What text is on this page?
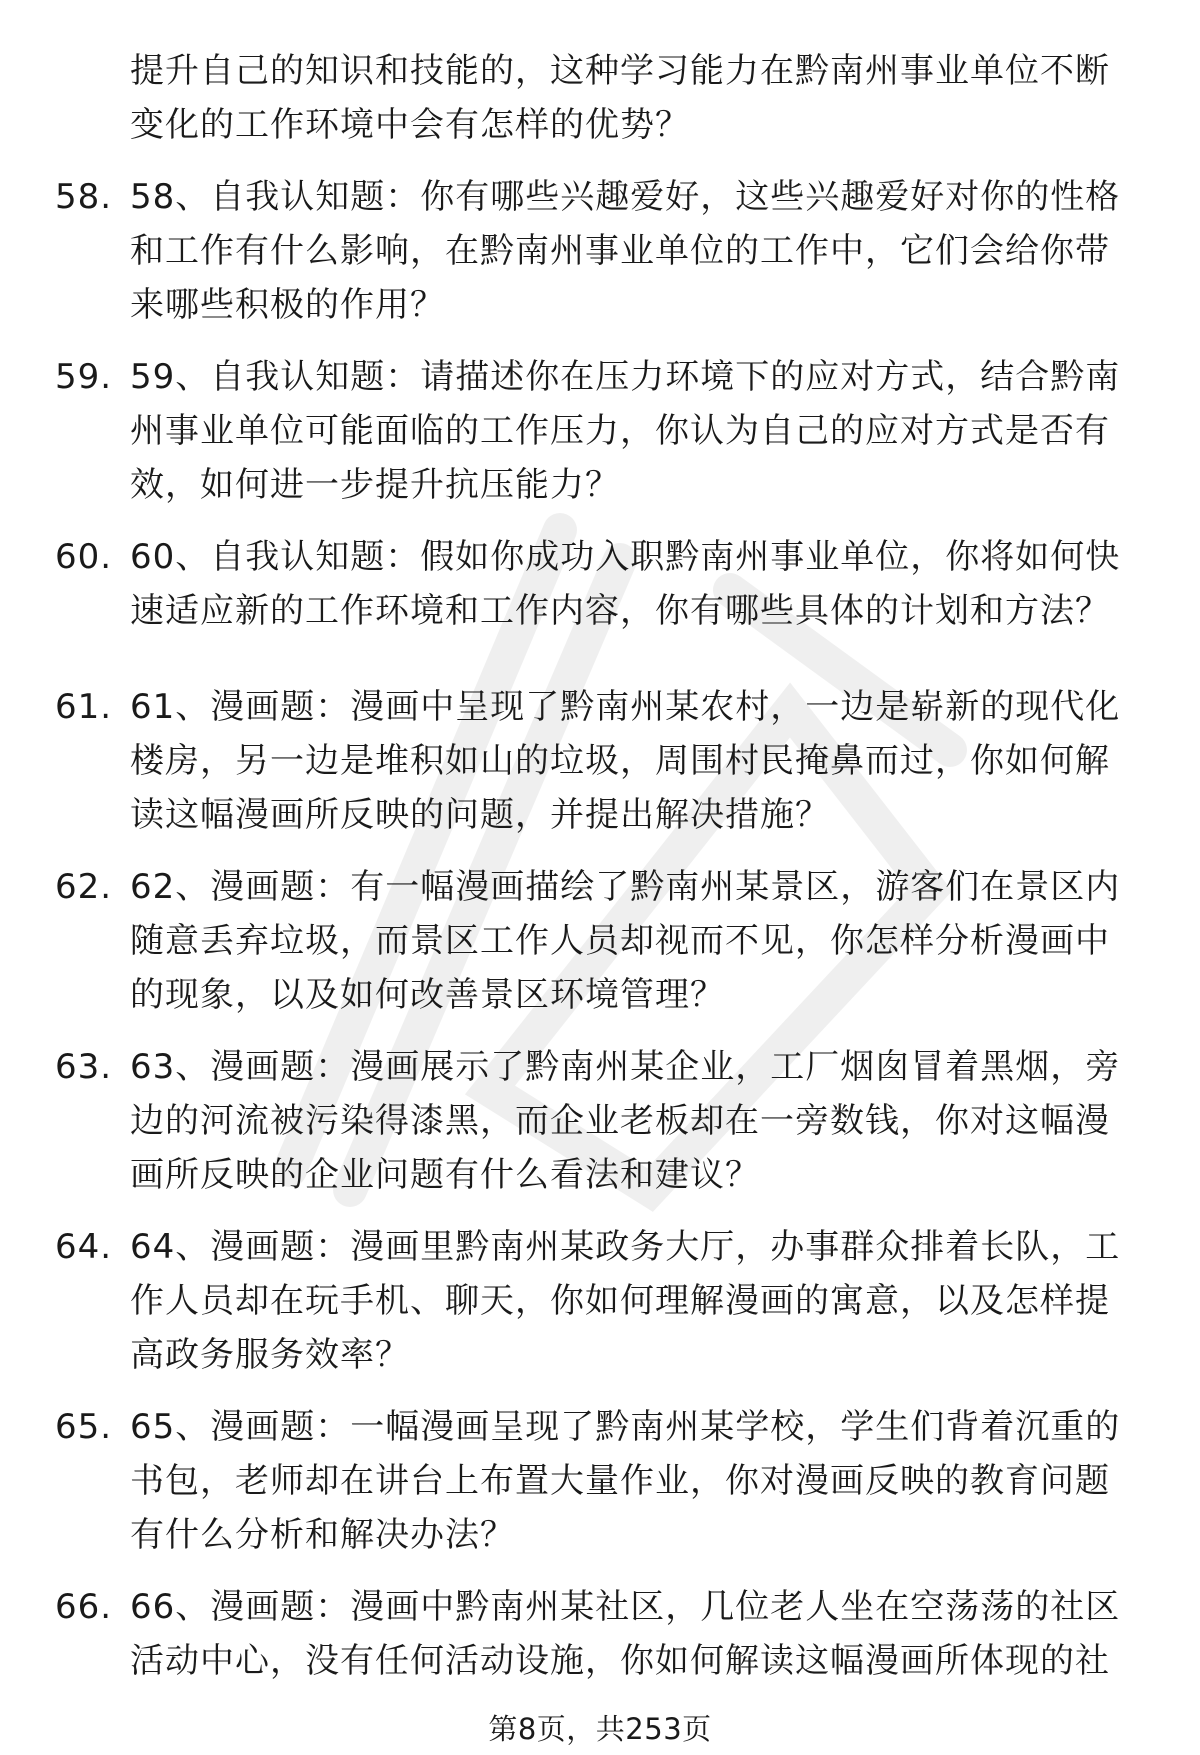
提升自己的知识和技能的，这种学习能力在黔南州事业单位不断变化的工作环境中会有怎样的优势？
58. 58、自我认知题：你有哪些兴趣爱好，这些兴趣爱好对你的性格和工作有什么影响，在黔南州事业单位的工作中，它们会给你带来哪些积极的作用？
59. 59、自我认知题：请描述你在压力环境下的应对方式，结合黔南州事业单位可能面临的工作压力，你认为自己的应对方式是否有效，如何进一步提升抗压能力？
60. 60、自我认知题：假如你成功入职黔南州事业单位，你将如何快速适应新的工作环境和工作内容，你有哪些具体的计划和方法？
61. 61、漫画题：漫画中呈现了黔南州某农村，一边是崭新的现代化楼房，另一边是堆积如山的垃圾，周围村民掩鼻而过，你如何解读这幅漫画所反映的问题，并提出解决措施？
62. 62、漫画题：有一幅漫画描绘了黔南州某景区，游客们在景区内随意丢弃垃圾，而景区工作人员却视而不见，你怎样分析漫画中的现象，以及如何改善景区环境管理？
63. 63、漫画题：漫画展示了黔南州某企业，工厂烟囱冒着黑烟，旁边的河流被污染得漆黑，而企业老板却在一旁数钱，你对这幅漫画所反映的企业问题有什么看法和建议？
64. 64、漫画题：漫画里黔南州某政务大厅，办事群众排着长队，工作人员却在玩手机、聊天，你如何理解漫画的寓意，以及怎样提高政务服务效率？
65. 65、漫画题：一幅漫画呈现了黔南州某学校，学生们背着沉重的书包，老师却在讲台上布置大量作业，你对漫画反映的教育问题有什么分析和解决办法？
66. 66、漫画题：漫画中黔南州某社区，几位老人坐在空荡荡的社区活动中心，没有任何活动设施，你如何解读这幅漫画所体现的社
第8页，共253页
